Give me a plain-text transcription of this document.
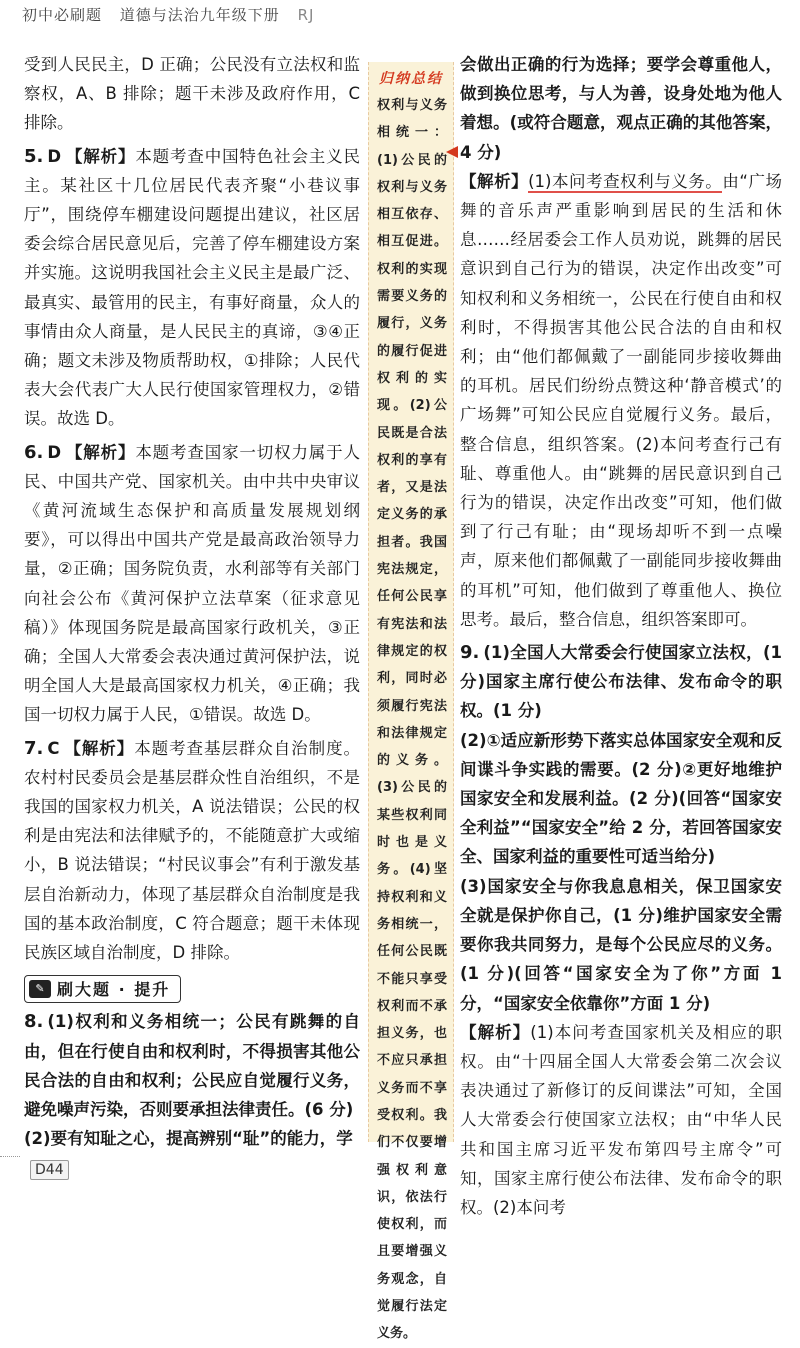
初中必刷题 道德与法治九年级下册 RJ

受到人民民主，D 正确；公民没有立法权和监察权，A、B 排除；题干未涉及政府作用，C 排除。

5. D 【解析】本题考查中国特色社会主义民主。某社区十几位居民代表齐聚“小巷议事厅”，围绕停车棚建设问题提出建议，社区居委会综合居民意见后，完善了停车棚建设方案并实施。这说明我国社会主义民主是最广泛、最真实、最管用的民主，有事好商量，众人的事情由众人商量，是人民民主的真谛，③④正确；题文未涉及物质帮助权，①排除；人民代表大会代表广大人民行使国家管理权力，②错误。故选 D。

6. D 【解析】本题考查国家一切权力属于人民、中国共产党、国家机关。由中共中央审议《黄河流域生态保护和高质量发展规划纲要》，可以得出中国共产党是最高政治领导力量，②正确；国务院负责，水利部等有关部门向社会公布《黄河保护立法草案（征求意见稿）》体现国务院是最高国家行政机关，③正确；全国人大常委会表决通过黄河保护法，说明全国人大是最高国家权力机关，④正确；我国一切权力属于人民，①错误。故选 D。

7. C 【解析】本题考查基层群众自治制度。农村村民委员会是基层群众性自治组织，不是我国的国家权力机关，A 说法错误；公民的权利是由宪法和法律赋予的，不能随意扩大或缩小，B 说法错误；“村民议事会”有利于激发基层自治新动力，体现了基层群众自治制度是我国的基本政治制度，C 符合题意；题干未体现民族区域自治制度，D 排除。

✎ 刷大题 · 提升

8. (1)权利和义务相统一；公民有跳舞的自由，但在行使自由和权利时，不得损害其他公民合法的自由和权利；公民应自觉履行义务，避免噪声污染，否则要承担法律责任。(6 分)

(2)要有知耻之心，提高辨别“耻”的能力，学

归纳总结
权利与义务相统一：(1)公民的权利与义务相互依存、相互促进。权利的实现需要义务的履行，义务的履行促进权利的实现。(2)公民既是合法权利的享有者，又是法定义务的承担者。我国宪法规定，任何公民享有宪法和法律规定的权利，同时必须履行宪法和法律规定的义务。(3)公民的某些权利同时也是义务。(4)坚持权利和义务相统一，任何公民既不能只享受权利而不承担义务，也不应只承担义务而不享受权利。我们不仅要增强权利意识，依法行使权利，而且要增强义务观念，自觉履行法定义务。

会做出正确的行为选择；要学会尊重他人，做到换位思考，与人为善，设身处地为他人着想。(或符合题意，观点正确的其他答案，4 分)

【解析】(1)本问考查权利与义务。由“广场舞的音乐声严重影响到居民的生活和休息……经居委会工作人员劝说，跳舞的居民意识到自己行为的错误，决定作出改变”可知权利和义务相统一，公民在行使自由和权利时，不得损害其他公民合法的自由和权利；由“他们都佩戴了一副能同步接收舞曲的耳机。居民们纷纷点赞这种‘静音模式’的广场舞”可知公民应自觉履行义务。最后，整合信息，组织答案。(2)本问考查行己有耻、尊重他人。由“跳舞的居民意识到自己行为的错误，决定作出改变”可知，他们做到了行己有耻；由“现场却听不到一点噪声，原来他们都佩戴了一副能同步接收舞曲的耳机”可知，他们做到了尊重他人、换位思考。最后，整合信息，组织答案即可。

9. (1)全国人大常委会行使国家立法权，(1 分)国家主席行使公布法律、发布命令的职权。(1 分)

(2)①适应新形势下落实总体国家安全观和反间谍斗争实践的需要。(2 分)②更好地维护国家安全和发展利益。(2 分)(回答“国家安全利益”“国家安全”给 2 分，若回答国家安全、国家利益的重要性可适当给分)

(3)国家安全与你我息息相关，保卫国家安全就是保护你自己，(1 分)维护国家安全需要你我共同努力，是每个公民应尽的义务。(1 分)(回答“国家安全为了你”方面 1 分，“国家安全依靠你”方面 1 分)

【解析】(1)本问考查国家机关及相应的职权。由“十四届全国人大常委会第二次会议表决通过了新修订的反间谍法”可知，全国人大常委会行使国家立法权；由“中华人民共和国主席习近平发布第四号主席令”可知，国家主席行使公布法律、发布命令的职权。(2)本问考

D44
